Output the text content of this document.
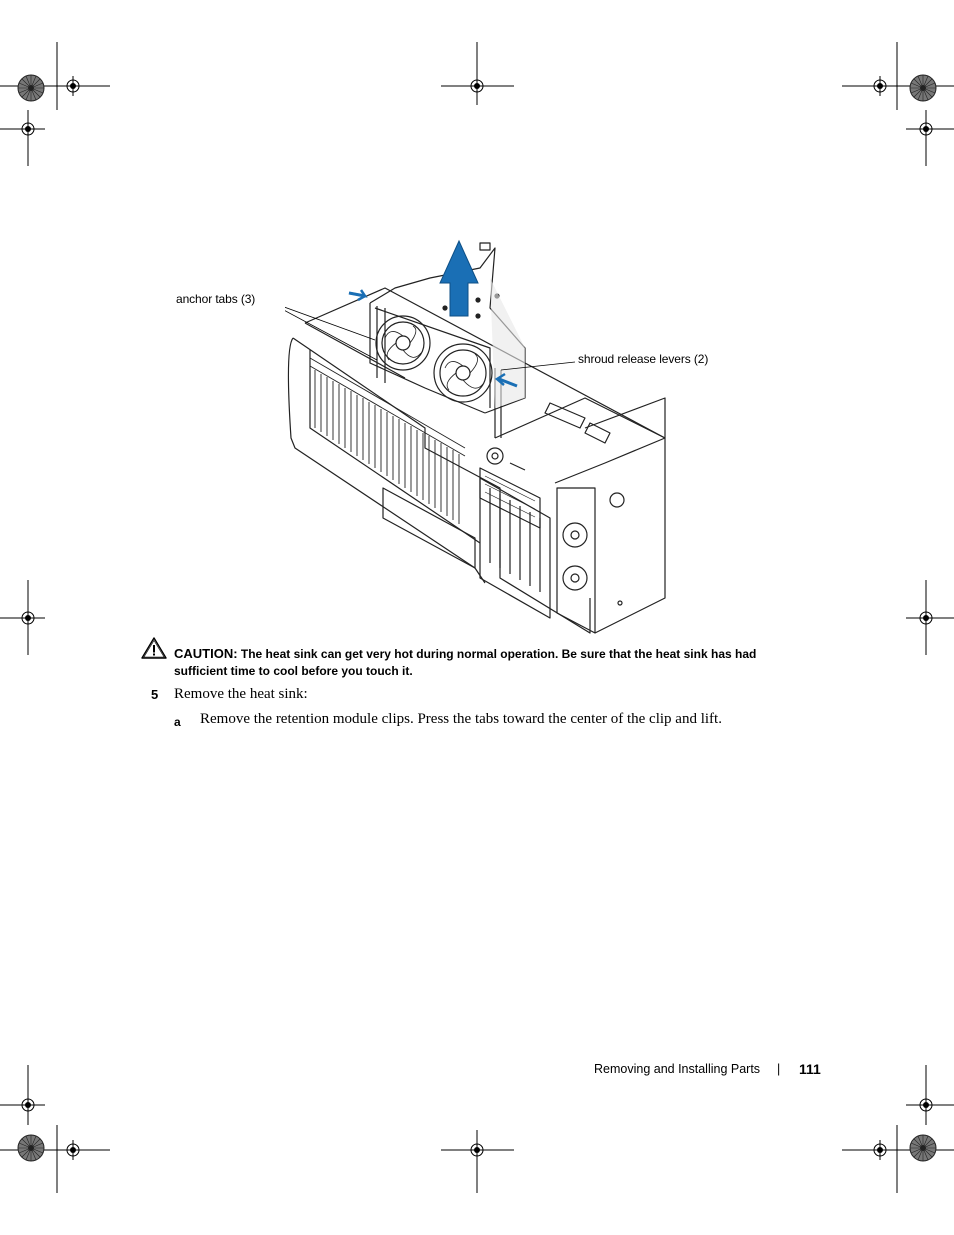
anchor tabs (3)
shroud release levers (2)
CAUTION: The heat sink can get very hot during normal operation. Be sure that the heat sink has had
sufficient time to cool before you touch it.
5 Remove the heat sink:
a Remove the retention module clips. Press the tabs toward the center of the clip and lift.
Removing and Installing Parts | 111
